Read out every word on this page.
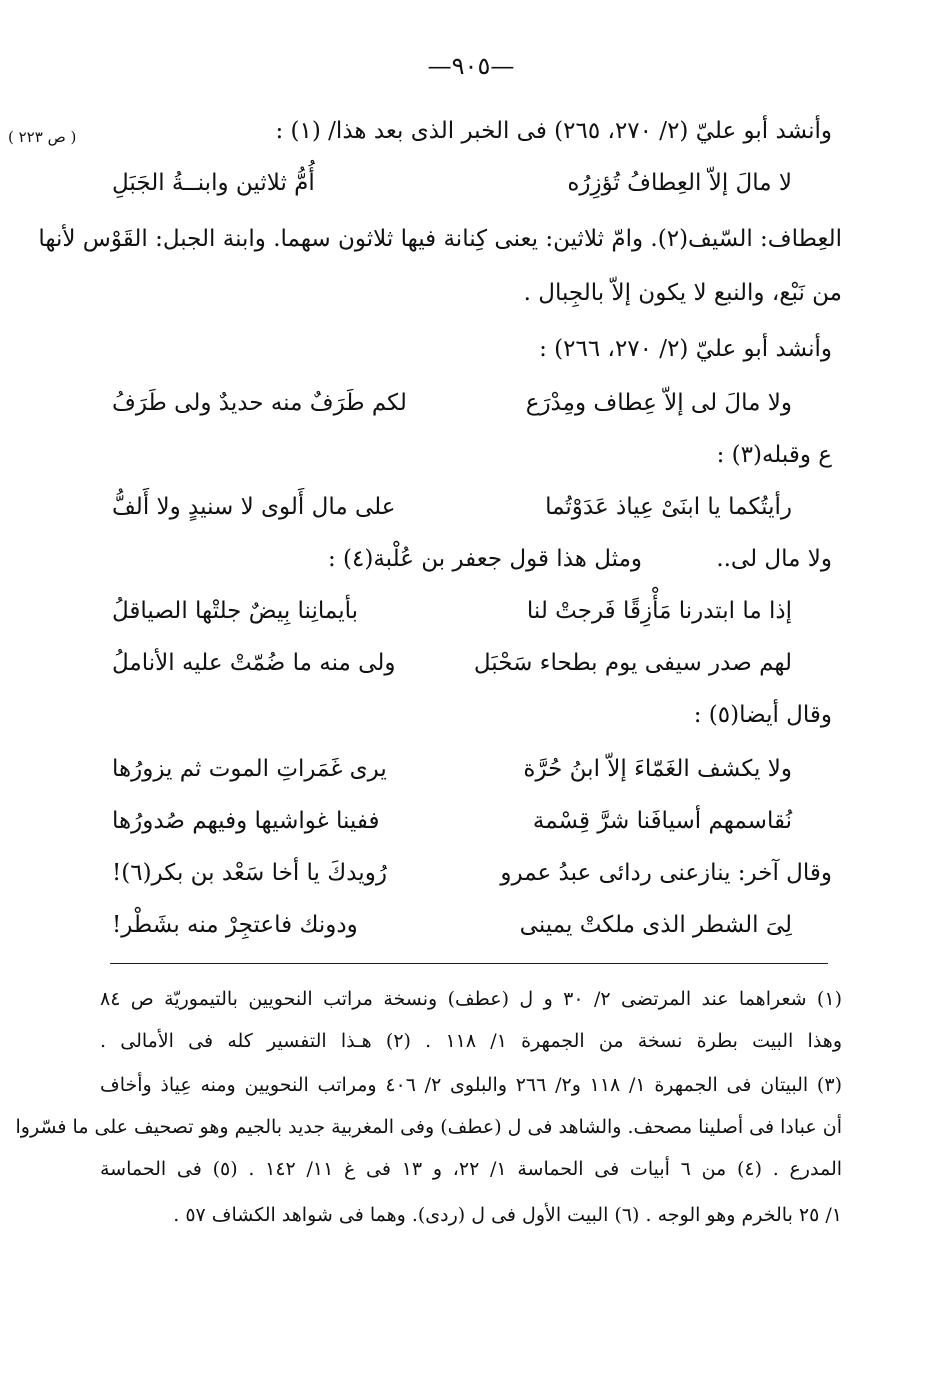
—٩٠٥—
( ص ٢٢٣ )	وأنشد أبو عليّ (٢/ ٢٧٠، ٢٦٥) فى الخبر الذى بعد هذا/ (١) :
لا مالَ إلاّ العِطافُ تُؤزِرُه
أُمُّ ثلاثين وابنــةُ الجَبَلِ
العِطاف: السّيف(٢). وامّ ثلاثين: يعنى كِنانة فيها ثلاثون سهما. وابنة الجبل: القَوْس لأنها
من نَبْع، والنبع لا يكون إلاّ بالجِبال .
وأنشد أبو عليّ (٢/ ٢٧٠، ٢٦٦) :
ولا مالَ لى إلاّ عِطاف ومِدْرَع
لكم طَرَفٌ منه حديدٌ ولى طَرَفُ
ع وقبله(٣) :
رأيتُكما يا ابنَىْ عِياذ عَدَوْتُما
على مال أَلوى لا سنيدٍ ولا أَلفُّ
ولا مال لى..
ومثل هذا قول جعفر بن عُلْبة(٤) :
إذا ما ابتدرنا مَأْزِقًا فَرجتْ لنا
بأيمانِنا بِيضٌ جلتْها الصياقلُ
لهم صدر سيفى يوم بطحاء سَحْبَل
ولى منه ما ضُمّتْ عليه الأناملُ
وقال أيضا(٥) :
ولا يكشف الغَمّاءَ إلاّ ابنُ حُرَّة
يرى غَمَراتِ الموت ثم يزورُها
نُقاسمهم أسيافَنا شرَّ قِسْمة
ففينا غواشيها وفيهم صُدورُها
وقال آخر: ينازعنى ردائى عبدُ عمرو
رُويدكَ يا أخا سَعْد بن بكر(٦)!
لِىَ الشطر الذى ملكتْ يمينى
ودونك فاعتجِرْ منه بشَطْر!
(١) شعراهما عند المرتضى ٢/ ٣٠ و ل (عطف) ونسخة مراتب النحويين بالتيموريّة ص ٨٤
وهذا البيت بطرة نسخة من الجمهرة ١/ ١١٨ . (٢) هـذا التفسير كله فى الأمالى .
(٣) البيتان فى الجمهرة ١/ ١١٨ و٢/ ٢٦٦ والبلوى ٢/ ٤٠٦ ومراتب النحويين ومنه عِياذ وأخاف
أن عبادا فى أصلينا مصحف. والشاهد فى ل (عطف) وفى المغربية جديد بالجيم وهو تصحيف على ما فسّروا
المدرع . (٤) من ٦ أبيات فى الحماسة ١/ ٢٢، و ١٣ فى غ ١١/ ١٤٢ . (٥) فى الحماسة
١/ ٢٥ بالخرم وهو الوجه . (٦) البيت الأول فى ل (ردى). وهما فى شواهد الكشاف ٥٧ .
